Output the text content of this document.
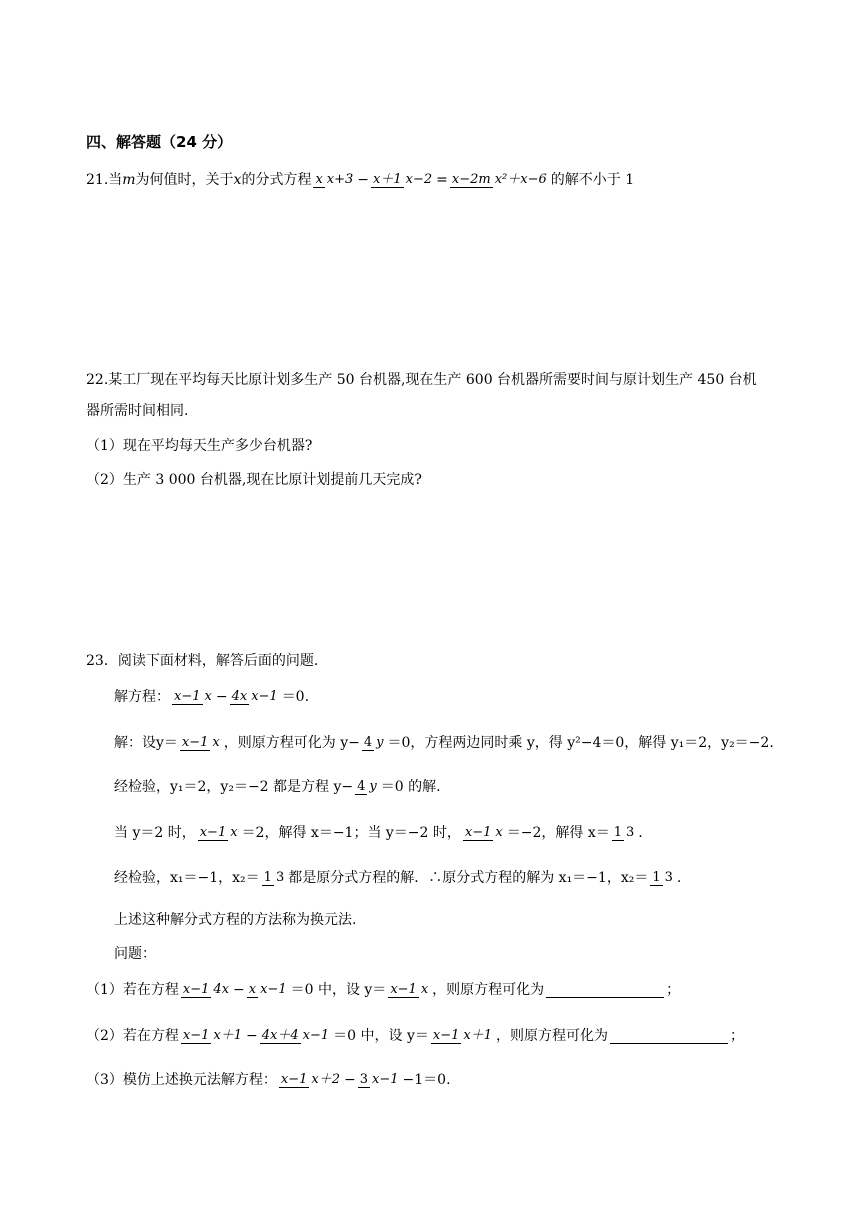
四、解答题（24 分）
21.当 m 为何值时，关于 x 的分式方程 x x+3 − x＋1 x−2 = x−2m x²＋x−6 的解不小于 1
22.某工厂现在平均每天比原计划多生产 50 台机器,现在生产 600 台机器所需要时间与原计划生产 450 台机
器所需时间相同.
（1）现在平均每天生产多少台机器?
（2）生产 3 000 台机器,现在比原计划提前几天完成?
23．阅读下面材料，解答后面的问题．
解方程： x−1 x − 4x x−1 ＝0.
解：设 y＝ x−1 x ，则原方程可化为 y− 4 y ＝0，方程两边同时乘 y，得 y²−4＝0，解得 y₁＝2，y₂＝−2.
经检验，y₁＝2，y₂＝−2 都是方程 y− 4 y ＝0 的解.
当 y＝2 时， x−1 x ＝2，解得 x＝−1；当 y＝−2 时， x−1 x ＝−2，解得 x＝ 1 3 .
经检验，x₁＝−1，x₂＝ 1 3 都是原分式方程的解．∴原分式方程的解为 x₁＝−1，x₂＝ 1 3 .
上述这种解分式方程的方法称为换元法.
问题：
（1）若在方程 x−1 4x − x x−1 ＝0 中，设 y＝ x−1 x ，则原方程可化为	；
（2）若在方程 x−1 x＋1 − 4x＋4 x−1 ＝0 中，设 y＝ x−1 x＋1 ，则原方程可化为	；
（3）模仿上述换元法解方程： x−1 x＋2 − 3 x−1 −1＝0.
